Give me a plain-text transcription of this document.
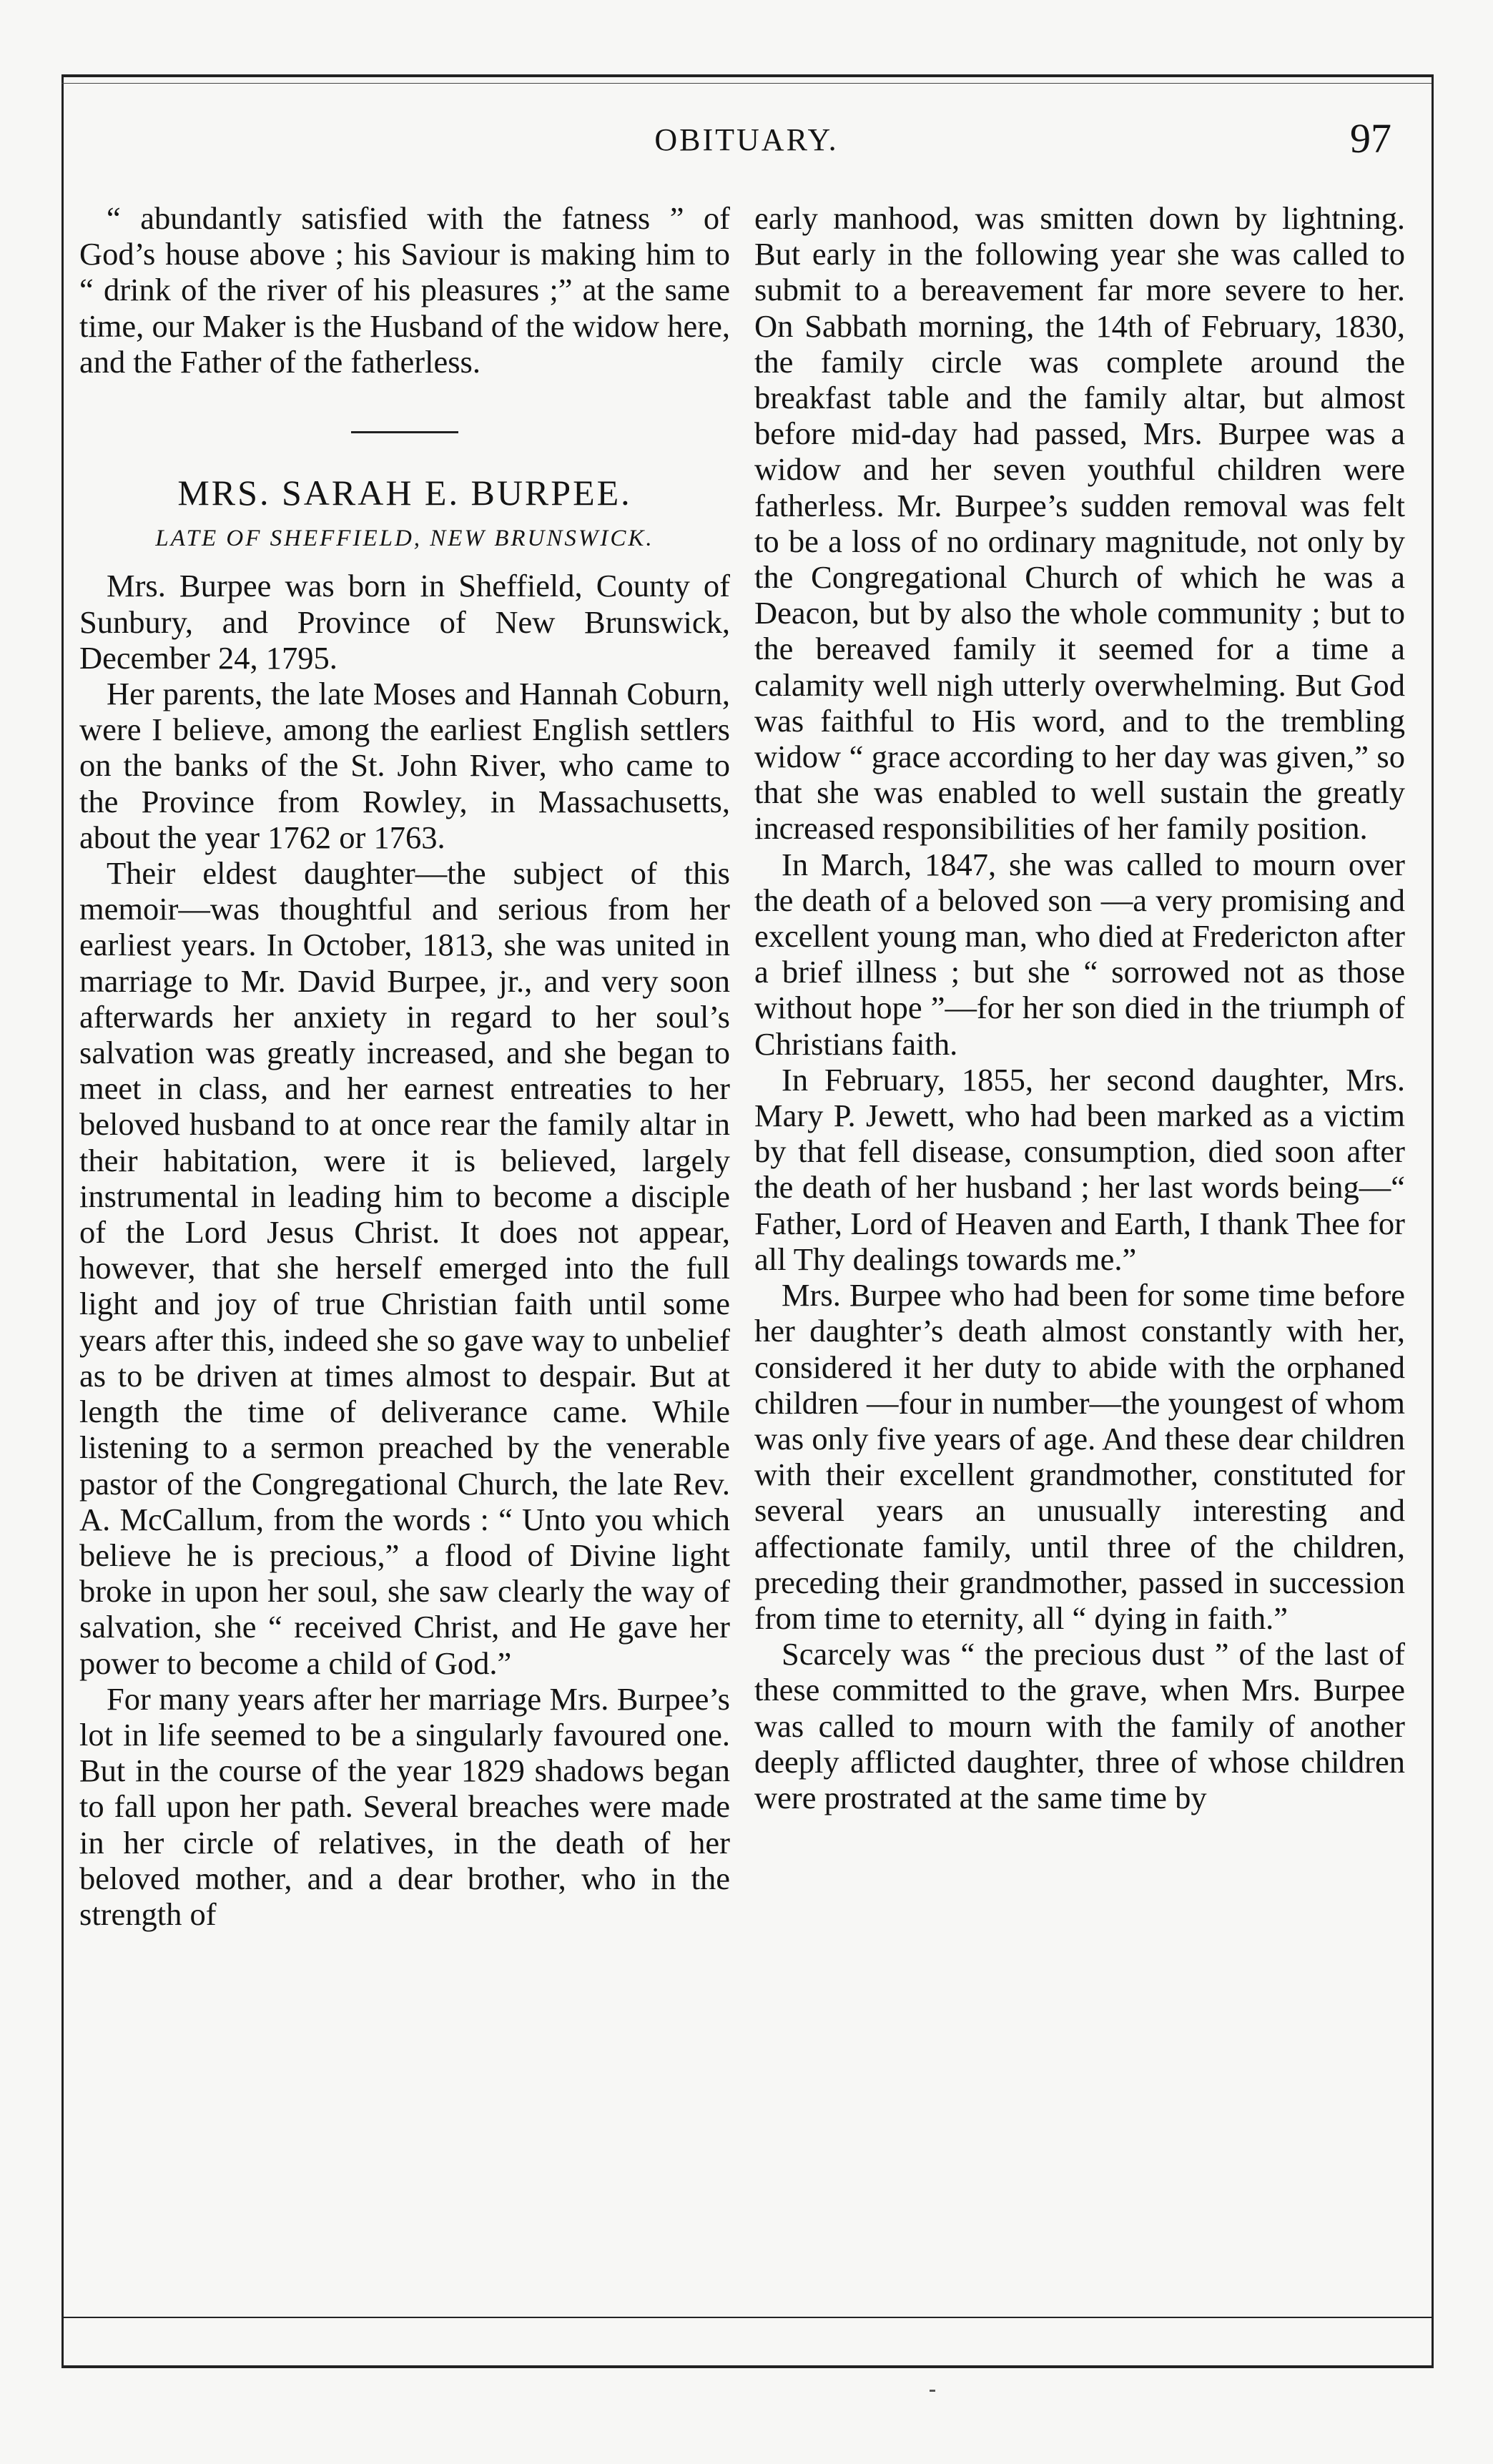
OBITUARY.	97

“ abundantly satisfied with the fatness ” of God’s house above ; his Saviour is making him to “ drink of the river of his pleasures ;” at the same time, our Maker is the Husband of the widow here, and the Father of the fatherless.

MRS. SARAH E. BURPEE.
LATE OF SHEFFIELD, NEW BRUNSWICK.

Mrs. Burpee was born in Sheffield, County of Sunbury, and Province of New Brunswick, De⁠cember 24, 1795.

Her parents, the late Moses and Hannah Coburn, were I believe, among the earliest English settlers on the banks of the St. John River, who came to the Province from Rowley, in Massachusetts, about the year 1762 or 1763.

Their eldest daughter—the subject of this memoir—was thoughtful and serious from her earliest years. In October, 1813, she was united in marriage to Mr. David Burpee, jr., and very soon afterwards her anxiety in regard to her soul’s salvation was greatly increased, and she began to meet in class, and her earnest entreaties to her beloved husband to at once rear the family altar in their habitation, were it is believed, largely instrumental in leading him to become a disciple of the Lord Jesus Christ. It does not appear, however, that she herself emerged into the full light and joy of true Christian faith until some years after this, indeed she so gave way to unbelief as to be driven at times almost to despair. But at length the time of deliverance came. While listening to a sermon preached by the venerable pastor of the Congregational Church, the late Rev. A. McCallum, from the words : “ Unto you which believe he is precious,” a flood of Divine light broke in upon her soul, she saw clearly the way of salvation, she “ received Christ, and He gave her power to become a child of God.”

For many years after her marriage Mrs. Burpee’s lot in life seemed to be a singularly favoured one. But in the course of the year 1829 shadows began to fall upon her path. Several breaches were made in her circle of relatives, in the death of her beloved mother, and a dear brother, who in the strength of

early manhood, was smitten down by lightning. But early in the following year she was called to submit to a bereavement far more severe to her. On Sabbath morning, the 14th of February, 1830, the family circle was complete around the breakfast table and the family altar, but almost before mid-day had passed, Mrs. Burpee was a widow and her seven youthful children were fatherless. Mr. Burpee’s sudden removal was felt to be a loss of no ordinary magnitude, not only by the Congregational Church of which he was a Deacon, but by also the whole community ; but to the bereaved family it seemed for a time a calamity well nigh utterly overwhelming. But God was faithful to His word, and to the trembling widow “ grace according to her day was given,” so that she was enabled to well sustain the greatly increased responsibilities of her family position.

In March, 1847, she was called to mourn over the death of a beloved son —a very promising and excellent young man, who died at Fredericton after a brief illness ; but she “ sorrowed not as those without hope ”—for her son died in the triumph of Christians faith.

In February, 1855, her second daughter, Mrs. Mary P. Jewett, who had been marked as a victim by that fell disease, consumption, died soon after the death of her husband ; her last words being—“ Father, Lord of Heaven and Earth, I thank Thee for all Thy dealings towards me.”

Mrs. Burpee who had been for some time before her daughter’s death almost constantly with her, considered it her duty to abide with the orphaned children —four in number—the youngest of whom was only five years of age. And these dear children with their excellent grandmother, constituted for several years an unusually interesting and affectionate family, until three of the children, preceding their grandmother, passed in succession from time to eternity, all “ dying in faith.”

Scarcely was “ the precious dust ” of the last of these committed to the grave, when Mrs. Burpee was called to mourn with the family of another deeply afflicted daughter, three of whose children were prostrated at the same time by
